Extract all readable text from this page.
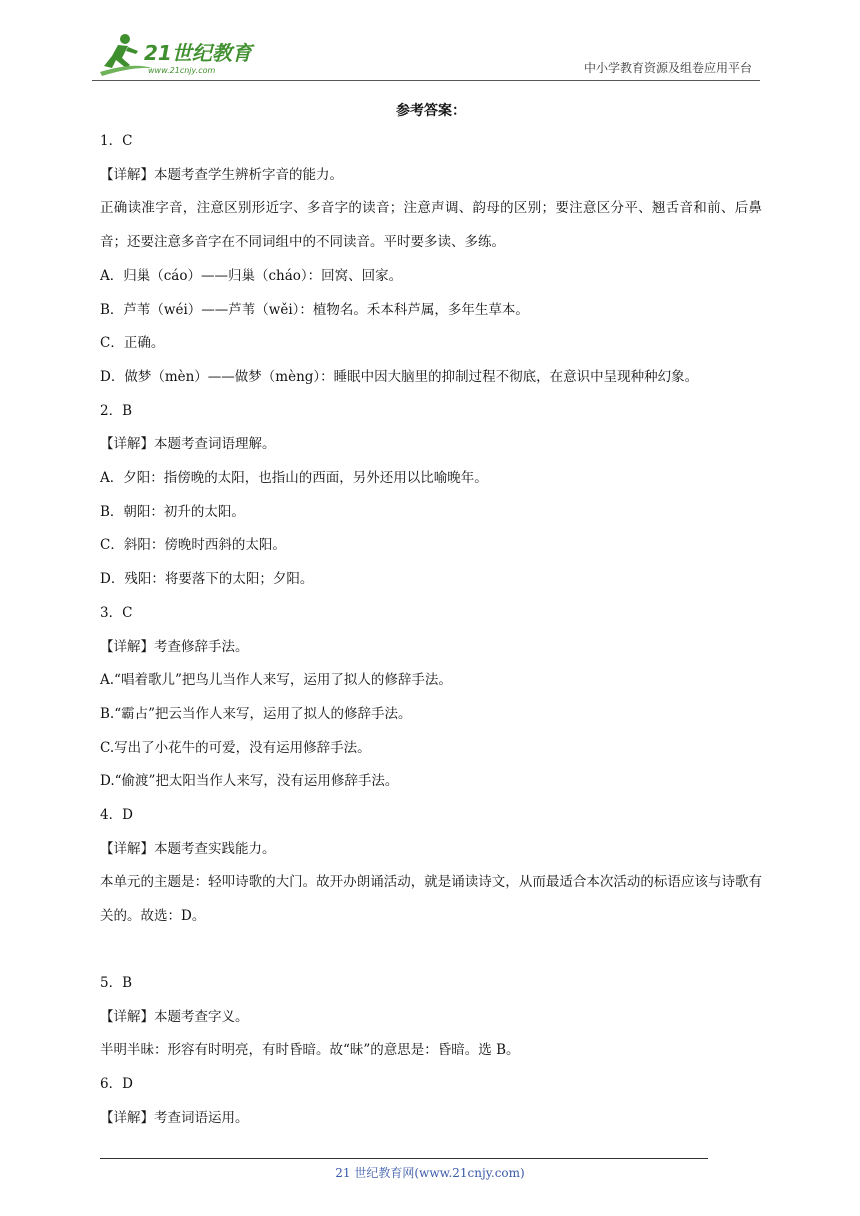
21世纪教育
www.21cnjy.com	中小学教育资源及组卷应用平台
参考答案：
1．C
【详解】本题考查学生辨析字音的能力。
正确读准字音，注意区别形近字、多音字的读音；注意声调、韵母的区别；要注意区分平、翘舌音和前、后鼻音；还要注意多音字在不同词组中的不同读音。平时要多读、多练。
A．归巢（cáo）——归巢（cháo）：回窝、回家。
B．芦苇（wéi）——芦苇（wěi）：植物名。禾本科芦属，多年生草本。
C．正确。
D．做梦（mèn）——做梦（mèng）：睡眠中因大脑里的抑制过程不彻底，在意识中呈现种种幻象。
2．B
【详解】本题考查词语理解。
A．夕阳：指傍晚的太阳，也指山的西面，另外还用以比喻晚年。
B．朝阳：初升的太阳。
C．斜阳：傍晚时西斜的太阳。
D．残阳：将要落下的太阳；夕阳。
3．C
【详解】考查修辞手法。
A.“唱着歌儿”把鸟儿当作人来写，运用了拟人的修辞手法。
B.“霸占”把云当作人来写，运用了拟人的修辞手法。
C.写出了小花牛的可爱，没有运用修辞手法。
D.“偷渡”把太阳当作人来写，没有运用修辞手法。
4．D
【详解】本题考查实践能力。
本单元的主题是：轻叩诗歌的大门。故开办朗诵活动，就是诵读诗文，从而最适合本次活动的标语应该与诗歌有关的。故选：D。
5．B
【详解】本题考查字义。
半明半昧：形容有时明亮，有时昏暗。故“昧”的意思是：昏暗。选 B。
6．D
【详解】考查词语运用。
21 世纪教育网(www.21cnjy.com)
